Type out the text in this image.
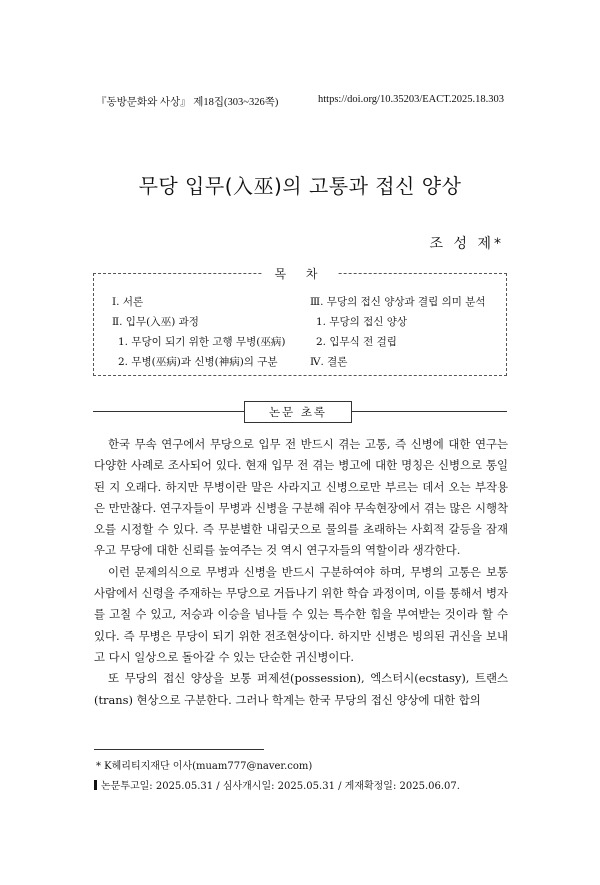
『동방문화와 사상』 제18집(303~326쪽)	https://doi.org/10.35203/EACT.2025.18.303
무당 입무(入巫)의 고통과 접신 양상
조 성 제*
목 차
Ⅰ. 서론
Ⅱ. 입무(入巫) 과정
1. 무당이 되기 위한 고행 무병(巫病)
2. 무병(巫病)과 신병(神病)의 구분
Ⅲ. 무당의 접신 양상과 결립 의미 분석
1. 무당의 접신 양상
2. 입무식 전 걸립
Ⅳ. 결론
논문 초록

한국 무속 연구에서 무당으로 입무 전 반드시 겪는 고통, 즉 신병에 대한 연구는 다양한 사례로 조사되어 있다. 현재 입무 전 겪는 병고에 대한 명칭은 신병으로 통일된 지 오래다. 하지만 무병이란 말은 사라지고 신병으로만 부르는 데서 오는 부작용은 만만찮다. 연구자들이 무병과 신병을 구분해 줘야 무속현장에서 겪는 많은 시행착오를 시정할 수 있다. 즉 무분별한 내림굿으로 물의를 초래하는 사회적 갈등을 잠재우고 무당에 대한 신뢰를 높여주는 것 역시 연구자들의 역할이라 생각한다.

이런 문제의식으로 무병과 신병을 반드시 구분하여야 하며, 무병의 고통은 보통 사람에서 신령을 주재하는 무당으로 거듭나기 위한 학습 과정이며, 이를 통해서 병자를 고칠 수 있고, 저승과 이승을 넘나들 수 있는 특수한 힘을 부여받는 것이라 할 수 있다. 즉 무병은 무당이 되기 위한 전조현상이다. 하지만 신병은 빙의된 귀신을 보내고 다시 일상으로 돌아갈 수 있는 단순한 귀신병이다.

또 무당의 접신 양상을 보통 퍼제션(possession), 엑스터시(ecstasy), 트랜스(trans) 현상으로 구분한다. 그러나 학계는 한국 무당의 접신 양상에 대한 합의

* K헤리티지재단 이사(muam777@naver.com)
논문투고일: 2025.05.31 / 심사개시일: 2025.05.31 / 게재확정일: 2025.06.07.
